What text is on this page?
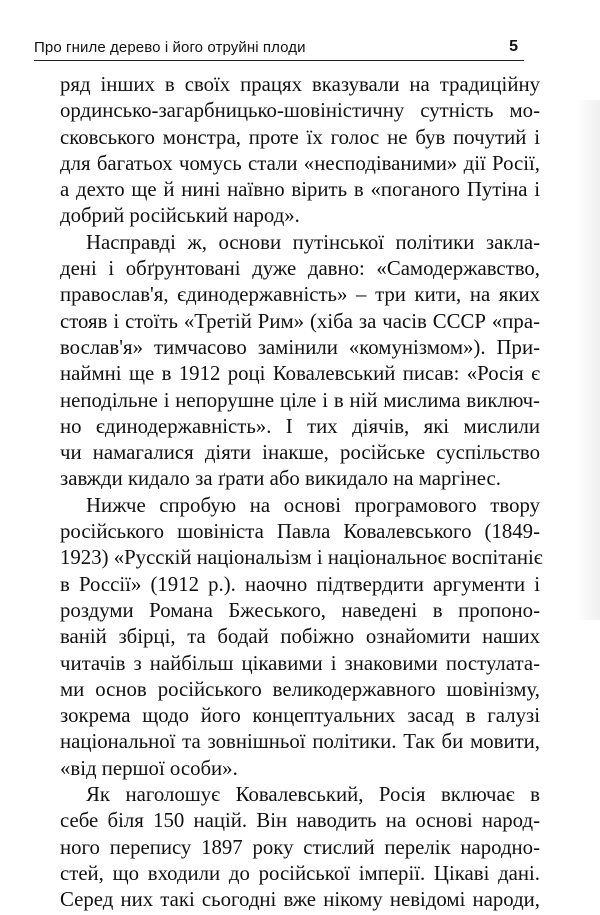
Про гниле дерево і його отруйні плоди	5
ряд інших в своїх працях вказували на традиційну
ординсько-загарбницько-шовіністичну сутність мо-
сковського монстра, проте їх голос не був почутий і
для багатьох чомусь стали «несподіваними» дії Росії,
а дехто ще й нині наївно вірить в «поганого Путіна і
добрий російський народ».
Насправді ж, основи путінської політики закла-
дені і обґрунтовані дуже давно: «Самодержавство,
православ'я, єдинодержавність» – три кити, на яких
стояв і стоїть «Третій Рим» (хіба за часів СССР «пра-
вослав'я» тимчасово замінили «комунізмом»). При-
наймні ще в 1912 році Ковалевський писав: «Росія є
неподільне і непорушне ціле і в ній мислима виключ-
но єдинодержавність». І тих діячів, які мислили
чи намагалися діяти інакше, російське суспільство
завжди кидало за ґрати або викидало на маргінес.
Нижче спробую на основі програмового твору
російського шовініста Павла Ковалевського (1849-
1923) «Русскій національізм і національноє воспітаніє
в Россії» (1912 р.). наочно підтвердити аргументи і
роздуми Романа Бжеського, наведені в пропоно-
ваній збірці, та бодай побіжно ознайомити наших
читачів з найбільш цікавими і знаковими постулата-
ми основ російського великодержавного шовінізму,
зокрема щодо його концептуальних засад в галузі
національної та зовнішньої політики. Так би мовити,
«від першої особи».
Як наголошує Ковалевський, Росія включає в
себе біля 150 націй. Він наводить на основі народ-
ного перепису 1897 року стислий перелік народно-
стей, що входили до російської імперії. Цікаві дані.
Серед них такі сьогодні вже нікому невідомі народи,
